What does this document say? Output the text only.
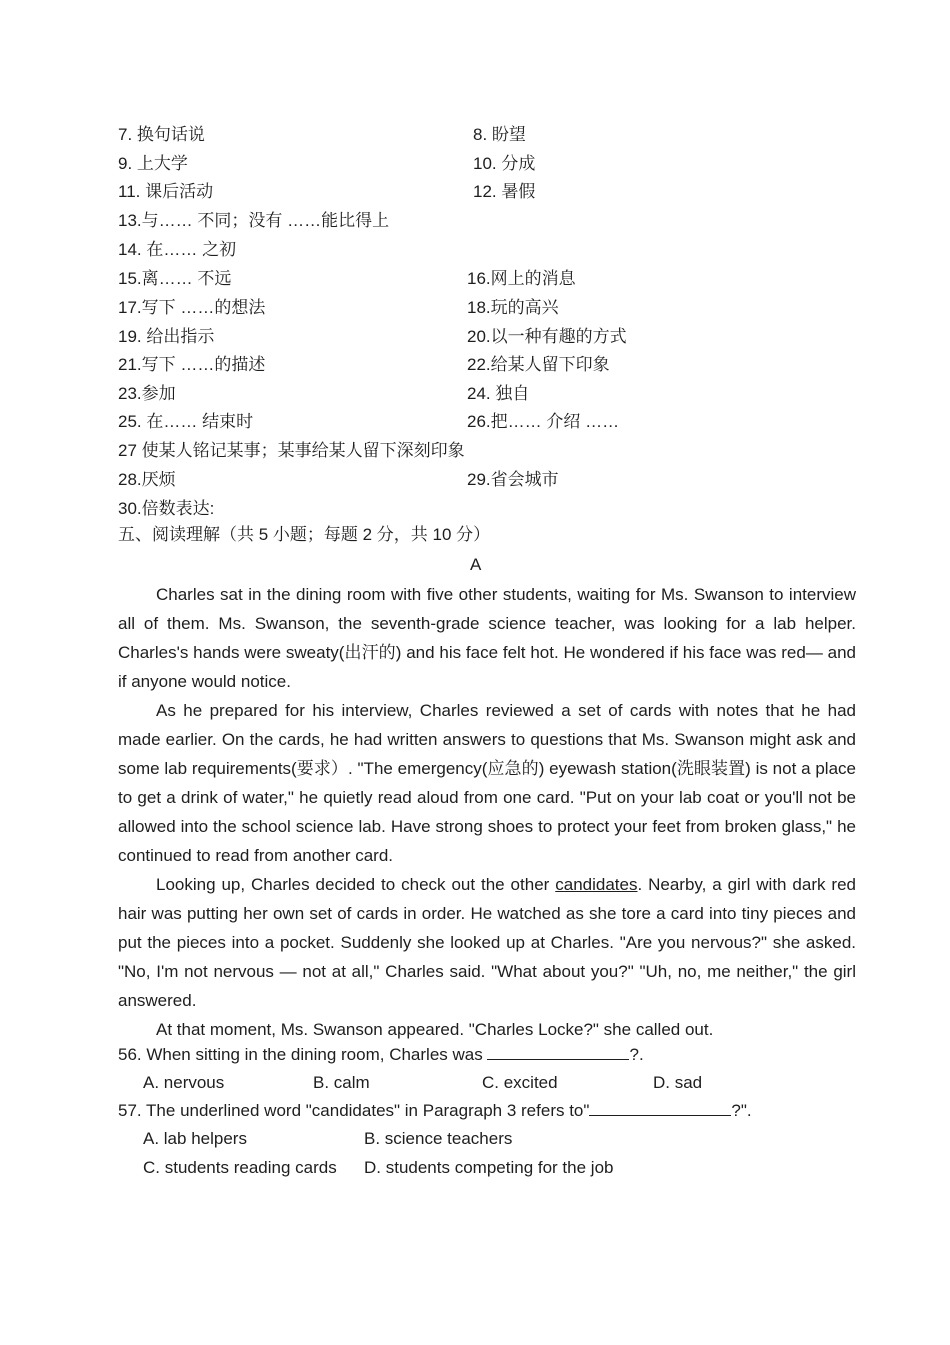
7. 换句话说	8. 盼望
9. 上大学	10. 分成
11. 课后活动	12. 暑假
13.与…… 不同；没有 ……能比得上
14. 在…… 之初
15.离…… 不远	16.网上的消息
17.写下 ……的想法	18.玩的高兴
19. 给出指示	20.以一种有趣的方式
21.写下 ……的描述	22.给某人留下印象
23.参加	24. 独自
25. 在…… 结束时	26.把…… 介绍 ……
27 使某人铭记某事；某事给某人留下深刻印象
28.厌烦	29.省会城市
30.倍数表达:
五、阅读理解（共 5 小题；每题 2 分，共 10 分）
A

Charles sat in the dining room with five other students, waiting for Ms. Swanson to interview all of them. Ms. Swanson, the seventh-grade science teacher, was looking for a lab helper. Charles's hands were sweaty(出汗的) and his face felt hot. He wondered if his face was red— and if anyone would notice.

As he prepared for his interview, Charles reviewed a set of cards with notes that he had made earlier. On the cards, he had written answers to questions that Ms. Swanson might ask and some lab requirements(要求）. "The emergency(应急的) eyewash station(洗眼装置) is not a place to get a drink of water," he quietly read aloud from one card. "Put on your lab coat or you'll not be allowed into the school science lab. Have strong shoes to protect your feet from broken glass," he continued to read from another card.

Looking up, Charles decided to check out the other candidates. Nearby, a girl with dark red hair was putting her own set of cards in order. He watched as she tore a card into tiny pieces and put the pieces into a pocket. Suddenly she looked up at Charles. "Are you nervous?" she asked. "No, I'm not nervous — not at all," Charles said. "What about you?" "Uh, no, me neither," the girl answered.

At that moment, Ms. Swanson appeared. "Charles Locke?" she called out.

56. When sitting in the dining room, Charles was	?.
A. nervous	B. calm	C. excited	D. sad
57. The underlined word "candidates" in Paragraph 3 refers to"	?".
A. lab helpers	B. science teachers
C. students reading cards D. students competing for the job
